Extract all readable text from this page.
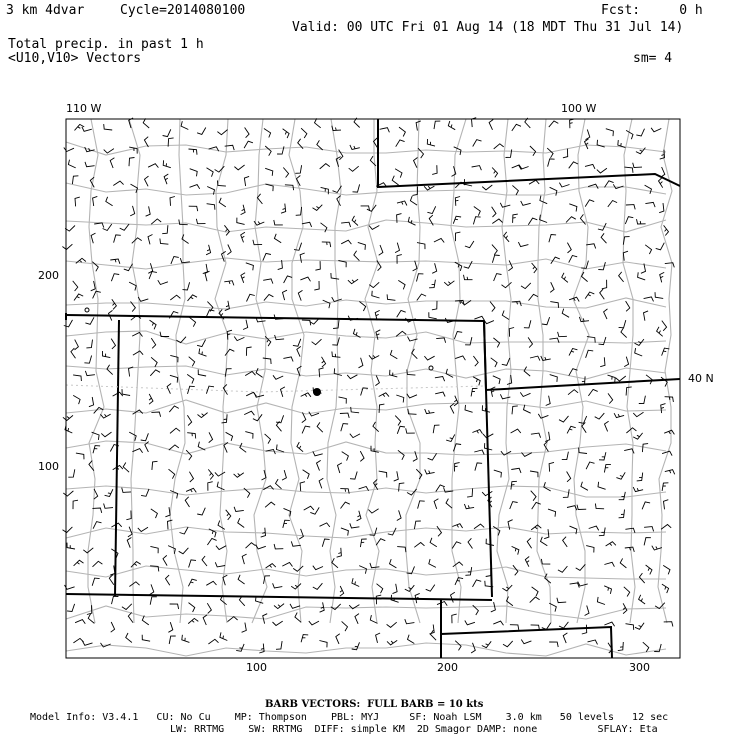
3 km 4dvar	Cycle=2014080100	Fcst:     0 h
Valid: 00 UTC Fri 01 Aug 14 (18 MDT Thu 31 Jul 14)
Total precip. in past 1 h
<U10,V10> Vectors	sm= 4
110 W	100 W
40 N
200
100
100	200	300
BARB VECTORS:  FULL BARB = 10 kts
Model Info: V3.4.1   CU: No Cu    MP: Thompson    PBL: MYJ     SF: Noah LSM    3.0 km   50 levels   12 sec
LW: RRTMG    SW: RRTMG  DIFF: simple KM  2D Smagor DAMP: none          SFLAY: Eta
